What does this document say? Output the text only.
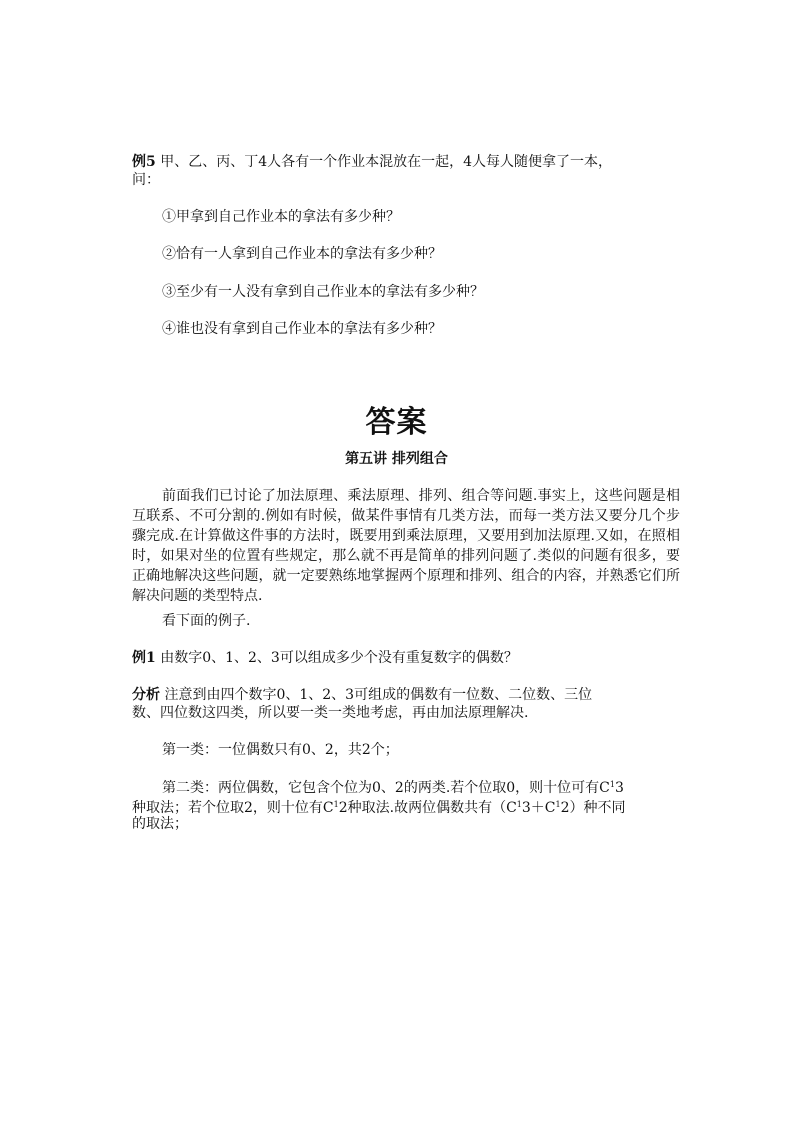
例5 甲、乙、丙、丁4人各有一个作业本混放在一起，4人每人随便拿了一本，
问：
①甲拿到自己作业本的拿法有多少种？
②恰有一人拿到自己作业本的拿法有多少种？
③至少有一人没有拿到自己作业本的拿法有多少种？
④谁也没有拿到自己作业本的拿法有多少种？
答案
第五讲 排列组合
前面我们已讨论了加法原理、乘法原理、排列、组合等问题.事实上，这些问题是相互联系、不可分割的.例如有时候，做某件事情有几类方法，而每一类方法又要分几个步骤完成.在计算做这件事的方法时，既要用到乘法原理，又要用到加法原理.又如，在照相时，如果对坐的位置有些规定，那么就不再是简单的排列问题了.类似的问题有很多，要正确地解决这些问题，就一定要熟练地掌握两个原理和排列、组合的内容，并熟悉它们所解决问题的类型特点.
看下面的例子.
例1 由数字0、1、2、3可以组成多少个没有重复数字的偶数？
分析 注意到由四个数字0、1、2、3可组成的偶数有一位数、二位数、三位
数、四位数这四类，所以要一类一类地考虑，再由加法原理解决.
第一类：一位偶数只有0、2，共2个；
第二类：两位偶数，它包含个位为0、2的两类.若个位取0，则十位可有$C^13$
种取法；若个位取2，则十位有$C^12$种取法.故两位偶数共有$(C^13+C^12)$种不同
的取法；
